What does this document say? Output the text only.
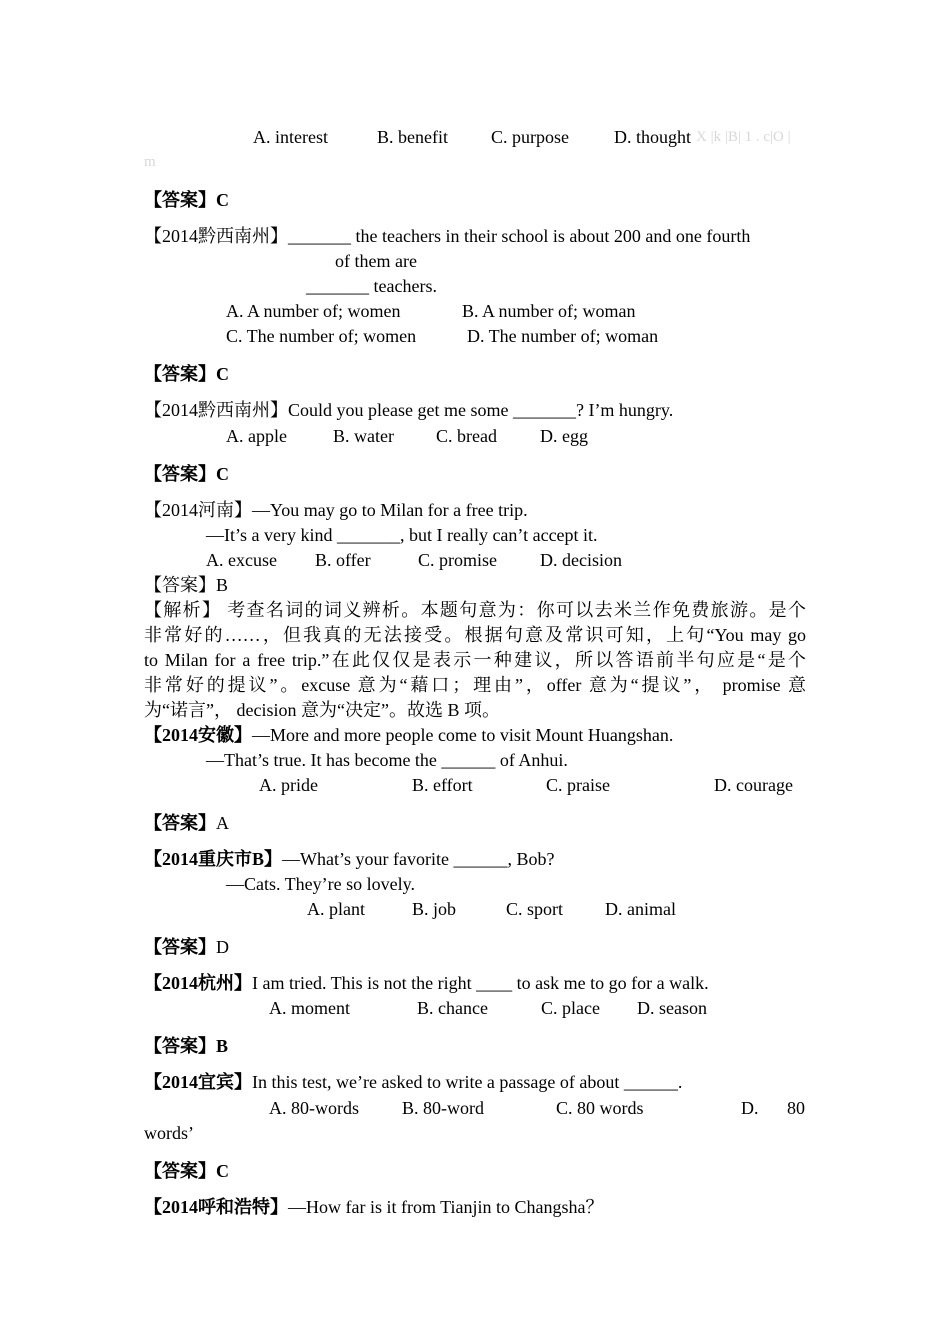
A. interest	B. benefit C. purpose	D. thought X |k |B| 1 . c|O |
m
【答案】C
【2014黔西南州】_______ the teachers in their school is about 200 and one fourth
of them are
_______ teachers.
A. A number of; women	B. A number of; woman
C. The number of; women	D. The number of; woman
【答案】C
【2014黔西南州】Could you please get me some _______? I’m hungry.
A. apple	B. water C. bread D. egg
【答案】C
【2014河南】—You may go to Milan for a free trip.
—It’s a very kind _______, but I really can’t accept it.
A. excuse B. offer	C. promise D. decision
【答案】B
【解析】 考查名词的词义辨析。本题句意为：你可以去米兰作免费旅游。是个
非常好的……，但我真的无法接受。根据句意及常识可知，上句“You may go
to Milan for a free trip.”在此仅仅是表示一种建议，所以答语前半句应是“是个
非常好的提议”。excuse 意为“藉口；理由”，offer 意为“提议”， promise 意
为“诺言”， decision 意为“决定”。故选 B 项。
【2014安徽】—More and more people come to visit Mount Huangshan.
—That’s true. It has become the ______ of Anhui.
A. pride	B. effort	C. praise	D. courage
【答案】A
【2014重庆市B】—What’s your favorite ______, Bob?
—Cats. They’re so lovely.
A. plant	B. job	C. sport D. animal
【答案】D
【2014杭州】I am tried. This is not the right ____ to ask me to go for a walk.
A. moment	B. chance	C. place D. season
【答案】B
【2014宜宾】In this test, we’re asked to write a passage of about ______.
A. 80-words B. 80-word	C. 80 words	D. 80
words’
【答案】C
【2014呼和浩特】—How far is it from Tianjin to Changsha？
